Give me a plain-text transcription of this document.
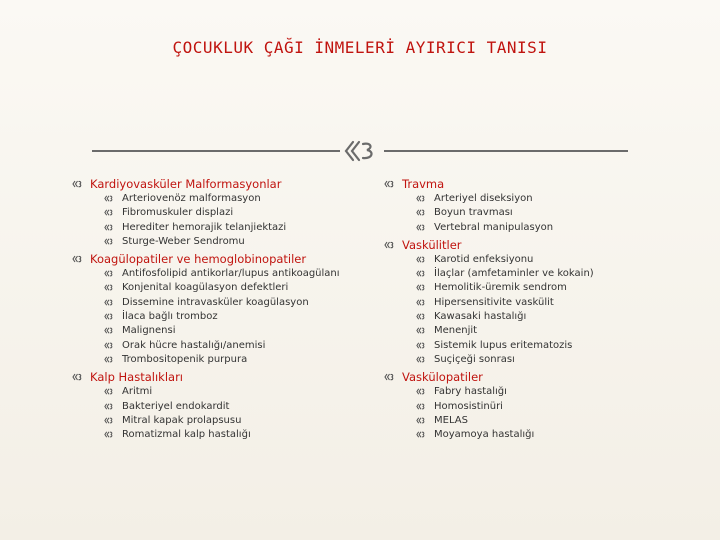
ÇOCUKLUK ÇAĞI İNMELERİ AYIRICI TANISI
Kardiyovasküler Malformasyonlar
Arteriovenöz malformasyon
Fibromuskuler displazi
Herediter hemorajik telanjiektazi
Sturge-Weber Sendromu
Koagülopatiler ve hemoglobinopatiler
Antifosfolipid antikorlar/lupus antikoagülanı
Konjenital koagülasyon defektleri
Dissemine intravasküler koagülasyon
İlaca bağlı tromboz
Malignensi
Orak hücre hastalığı/anemisi
Trombositopenik purpura
Kalp Hastalıkları
Aritmi
Bakteriyel endokardit
Mitral kapak prolapsusu
Romatizmal kalp hastalığı
Travma
Arteriyel diseksiyon
Boyun travması
Vertebral manipulasyon
Vaskülitler
Karotid enfeksiyonu
İlaçlar (amfetaminler ve kokain)
Hemolitik-üremik sendrom
Hipersensitivite vaskülit
Kawasaki hastalığı
Menenjit
Sistemik lupus eritematozis
Suçiçeği sonrası
Vaskülopatiler
Fabry hastalığı
Homosistinüri
MELAS
Moyamoya hastalığı
